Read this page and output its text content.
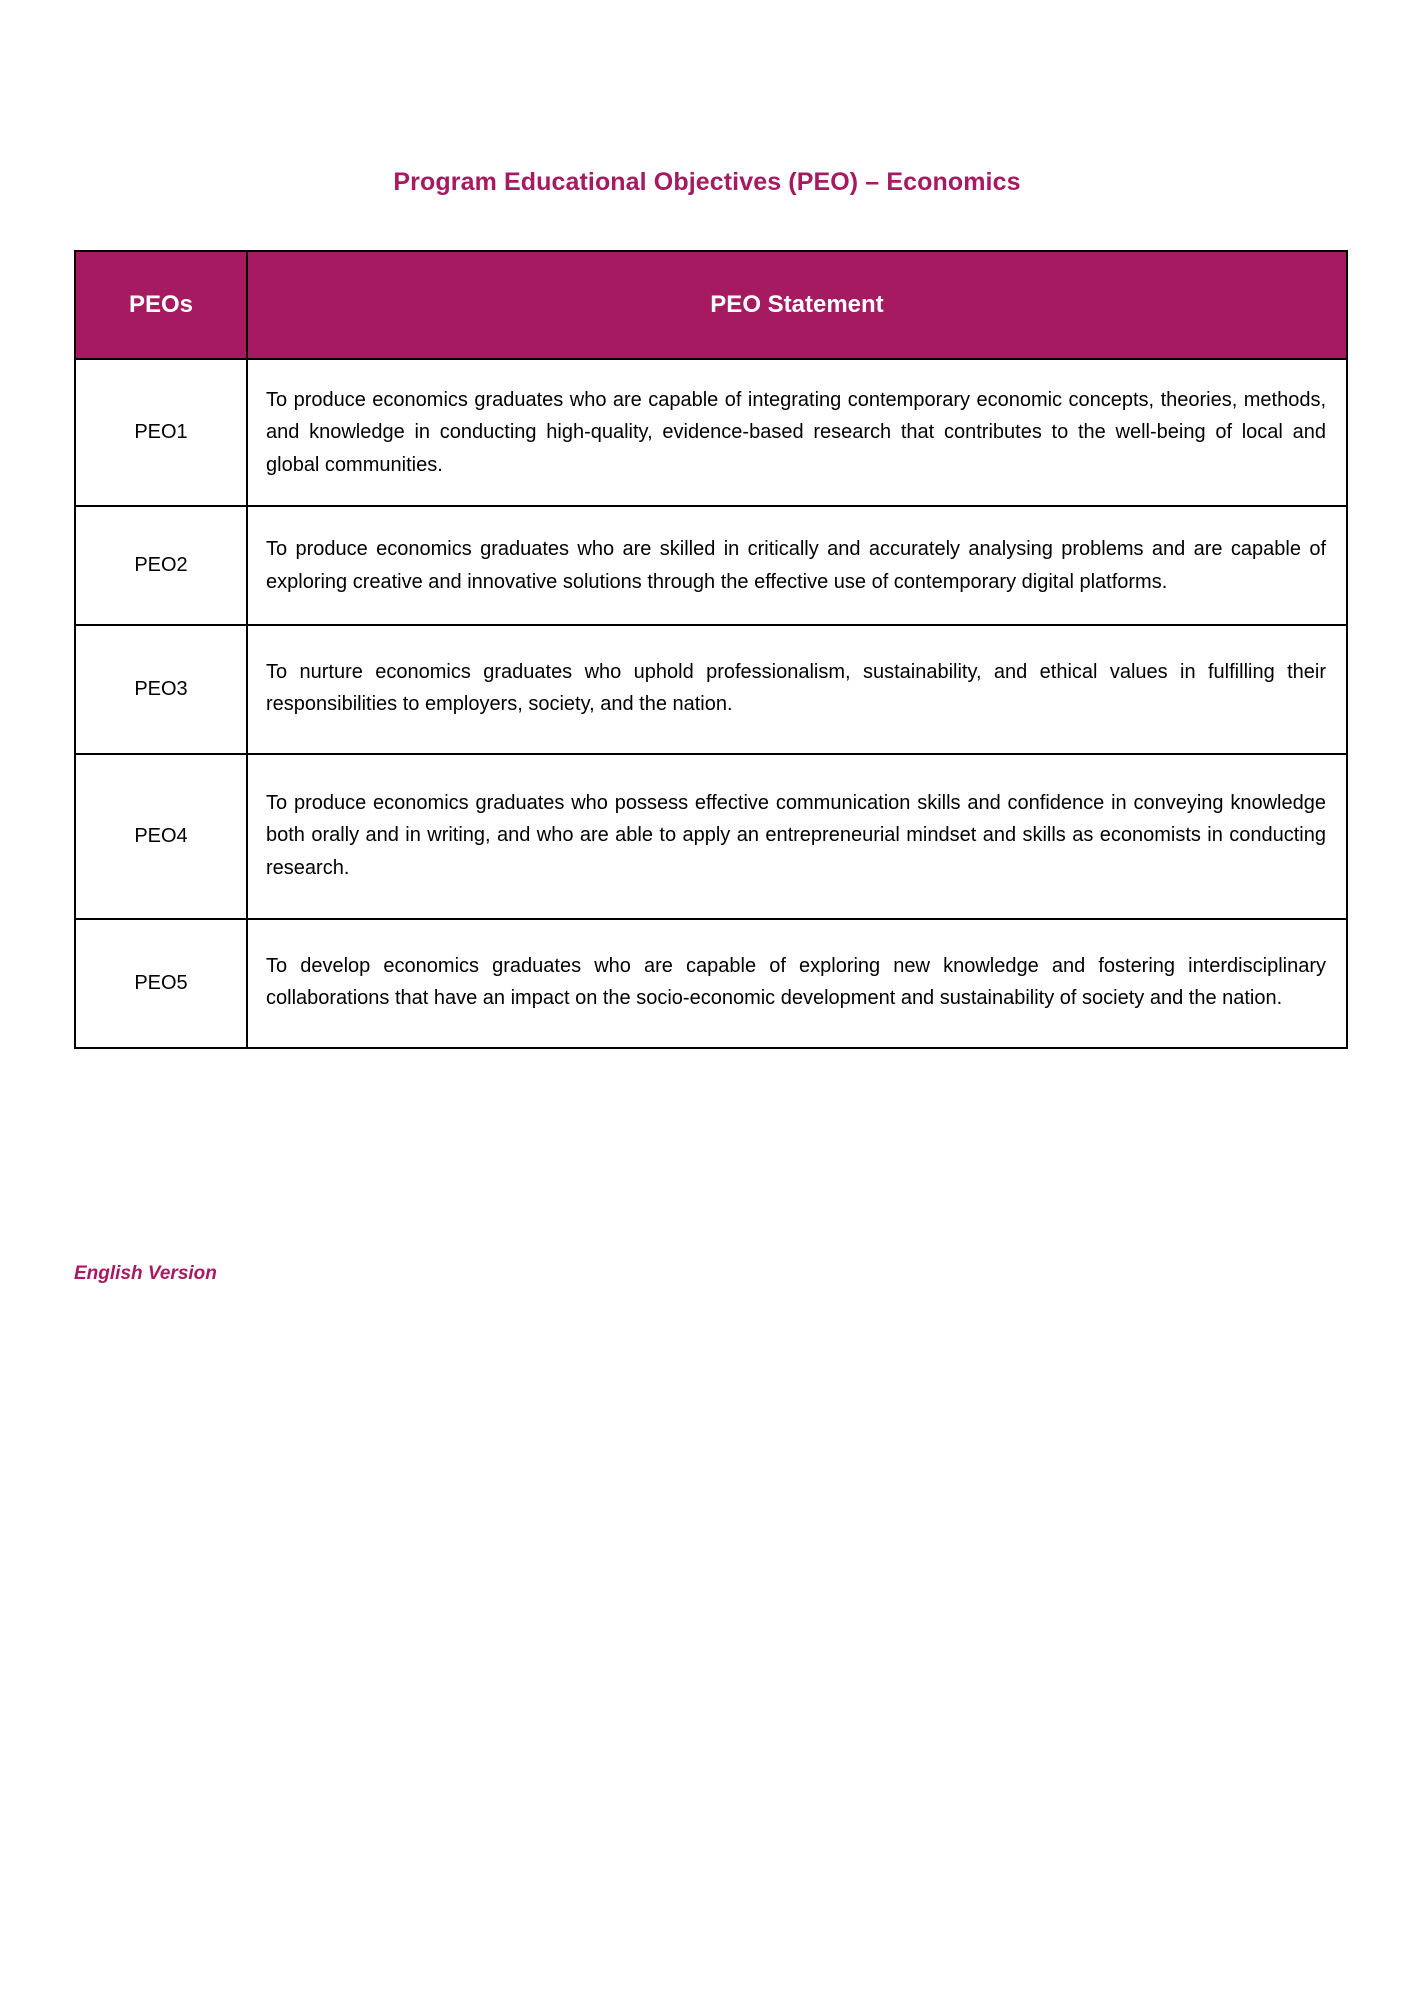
Program Educational Objectives (PEO) – Economics
PEOs	PEO Statement
PEO1	To produce economics graduates who are capable of integrating contemporary economic concepts, theories, methods, and knowledge in conducting high-quality, evidence-based research that contributes to the well-being of local and global communities.
PEO2	To produce economics graduates who are skilled in critically and accurately analysing problems and are capable of exploring creative and innovative solutions through the effective use of contemporary digital platforms.
PEO3	To nurture economics graduates who uphold professionalism, sustainability, and ethical values in fulfilling their responsibilities to employers, society, and the nation.
PEO4	To produce economics graduates who possess effective communication skills and confidence in conveying knowledge both orally and in writing, and who are able to apply an entrepreneurial mindset and skills as economists in conducting research.
PEO5	To develop economics graduates who are capable of exploring new knowledge and fostering interdisciplinary collaborations that have an impact on the socio-economic development and sustainability of society and the nation.
English Version
